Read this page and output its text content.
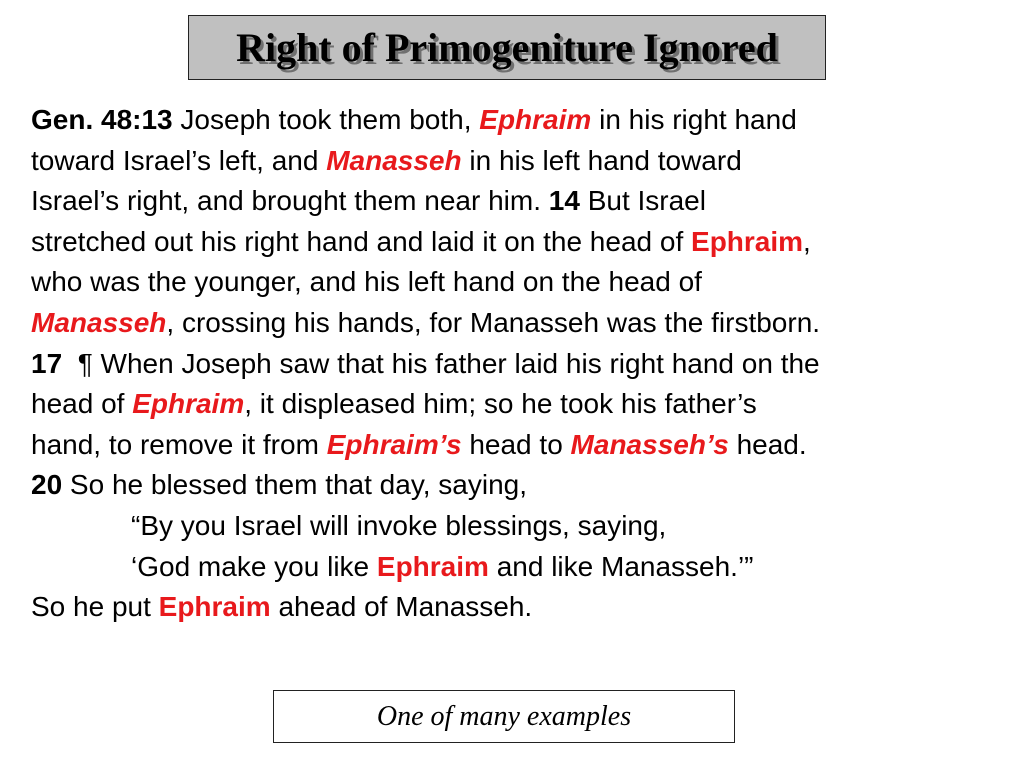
Right of Primogeniture Ignored
Gen. 48:13 Joseph took them both, Ephraim in his right hand
toward Israel’s left, and Manasseh in his left hand toward
Israel’s right, and brought them near him. 14 But Israel
stretched out his right hand and laid it on the head of Ephraim,
who was the younger, and his left hand on the head of
Manasseh, crossing his hands, for Manasseh was the firstborn.
17  ¶ When Joseph saw that his father laid his right hand on the
head of Ephraim, it displeased him; so he took his father’s
hand, to remove it from Ephraim’s head to Manasseh’s head.
20 So he blessed them that day, saying,
“By you Israel will invoke blessings, saying,
‘God make you like Ephraim and like Manasseh.’”
So he put Ephraim ahead of Manasseh.
One of many examples
